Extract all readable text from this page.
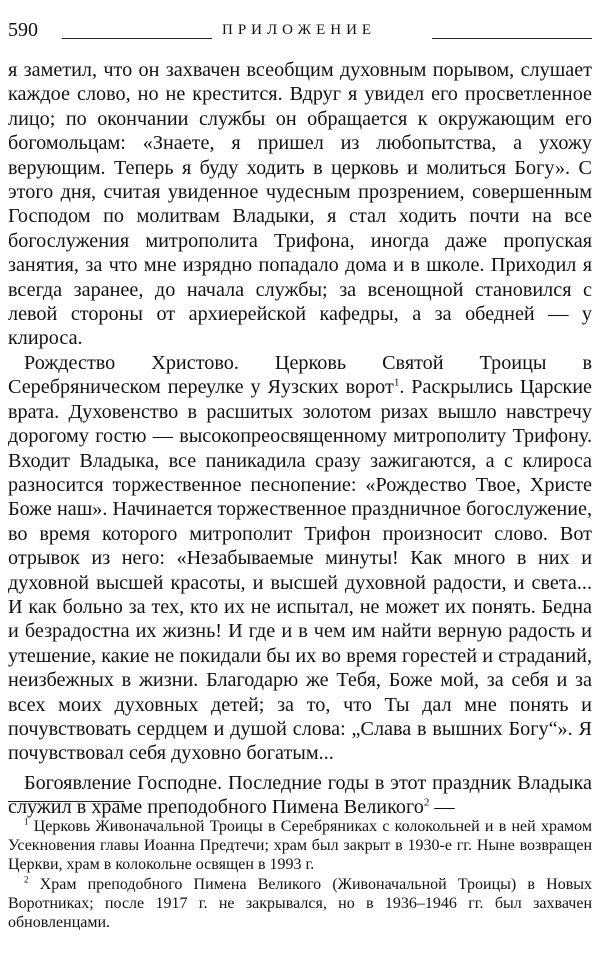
590	ПРИЛОЖЕНИЕ

я заметил, что он захвачен всеобщим духовным порывом, слушает каждое слово, но не крестится. Вдруг я увидел его просветленное лицо; по окончании службы он обращается к окружающим его богомольцам: «Знаете, я пришел из любопытства, а ухожу верующим. Теперь я буду ходить в церковь и молиться Богу». С этого дня, считая увиденное чудесным прозрением, совершенным Господом по молитвам Владыки, я стал ходить почти на все богослужения митрополита Трифона, иногда даже пропуская занятия, за что мне изрядно попадало дома и в школе. Приходил я всегда заранее, до начала службы; за всенощной становился с левой стороны от архиерейской кафедры, а за обедней — у клироса.

Рождество Христово. Церковь Святой Троицы в Серебряническом переулке у Яузских ворот$^1$. Раскрылись Царские врата. Духовенство в расшитых золотом ризах вышло навстречу дорогому гостю — высокопреосвященному митрополиту Трифону. Входит Владыка, все паникадила сразу зажигаются, а с клироса разносится торжественное песнопение: «Рождество Твое, Христе Боже наш». Начинается торжественное праздничное богослужение, во время которого митрополит Трифон произносит слово. Вот отрывок из него: «Незабываемые минуты! Как много в них и духовной высшей красоты, и высшей духовной радости, и света... И как больно за тех, кто их не испытал, не может их понять. Бедна и безрадостна их жизнь! И где и в чем им найти верную радость и утешение, какие не покидали бы их во время горестей и страданий, неизбежных в жизни. Благодарю же Тебя, Боже мой, за себя и за всех моих духовных детей; за то, что Ты дал мне понять и почувствовать сердцем и душой слова: „Слава в вышних Богу“». Я почувствовал себя духовно богатым...

Богоявление Господне. Последние годы в этот праздник Владыка служил в храме преподобного Пимена Великого$^2$ —

$^1$ Церковь Живоначальной Троицы в Серебряниках с колокольней и в ней храмом Усекновения главы Иоанна Предтечи; храм был закрыт в 1930-е гг. Ныне возвращен Церкви, храм в колокольне освящен в 1993 г.

$^2$ Храм преподобного Пимена Великого (Живоначальной Троицы) в Новых Воротниках; после 1917 г. не закрывался, но в 1936–1946 гг. был захвачен обновленцами.
